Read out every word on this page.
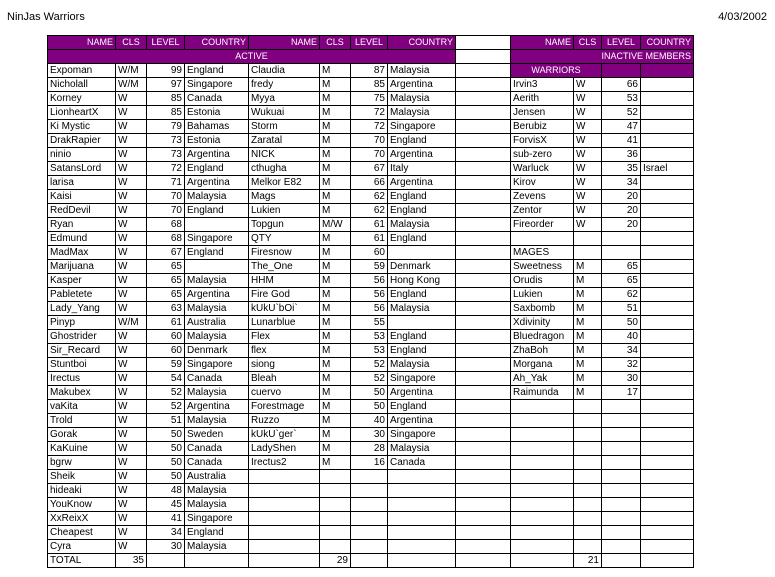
NinJas Warriors	4/03/2002
NAME	CLS	LEVEL	COUNTRY	NAME	CLS	LEVEL	COUNTRY		NAME	CLS	LEVEL	COUNTRY
ACTIVE									INACTIVE MEMBERS			
Expoman	W/M	99	England	Claudia	M	87	Malaysia		WARRIORS			
Nicholall	W/M	97	Singapore	fredy	M	85	Argentina		Irvin3	W	66	
Korney	W	85	Canada	Myya	M	75	Malaysia		Aerith	W	53	
LionheartX	W	85	Estonia	Wukuai	M	72	Malaysia		Jensen	W	52	
Ki Mystic	W	79	Bahamas	Storm	M	72	Singapore		Berubiz	W	47	
DrakRapier	W	73	Estonia	Zaratal	M	70	England		ForvisX	W	41	
ninio	W	73	Argentina	NICK	M	70	Argentina		sub-zero	W	36	
SatansLord	W	72	England	cthugha	M	67	Italy		Warluck	W	35	Israel
larisa	W	71	Argentina	Melkor E82	M	66	Argentina		Kirov	W	34	
Kaisi	W	70	Malaysia	Mags	M	62	England		Zevens	W	20	
RedDevil	W	70	England	Lukien	M	62	England		Zentor	W	20	
Ryan	W	68		Topgun	M/W	61	Malaysia		Fireorder	W	20	
Edmund	W	68	Singapore	QTY	M	61	England					
MadMax	W	67	England	Firesnow	M	60			MAGES			
Marijuana	W	65		The_One	M	59	Denmark		Sweetness	M	65	
Kasper	W	65	Malaysia	HHM	M	56	Hong Kong		Orudis	M	65	
Pabletete	W	65	Argentina	Fire God	M	56	England		Lukien	M	62	
Lady_Yang	W	63	Malaysia	kUkU`bOi`	M	56	Malaysia		Saxbomb	M	51	
Pinyp	W/M	61	Australia	Lunarblue	M	55			Xdivinity	M	50	
Ghostrider	W	60	Malaysia	Flex	M	53	England		Bluedragon	M	40	
Sir_Recard	W	60	Denmark	flex	M	53	England		ZhaBoh	M	34	
Stuntboi	W	59	Singapore	siong	M	52	Malaysia		Morgana	M	32	
Irectus	W	54	Canada	Bleah	M	52	Singapore		Ah_Yak	M	30	
Makubex	W	52	Malaysia	cuervo	M	50	Argentina		Raimunda	M	17	
vaKita	W	52	Argentina	Forestmage	M	50	England					
Trold	W	51	Malaysia	Ruzzo	M	40	Argentina					
Gorak	W	50	Sweden	kUkU`ger`	M	30	Singapore					
KaKuine	W	50	Canada	LadyShen	M	28	Malaysia					
bgrw	W	50	Canada	Irectus2	M	16	Canada					
Sheik	W	50	Australia									
hideaki	W	48	Malaysia									
YouKnow	W	45	Malaysia									
XxReixX	W	41	Singapore									
Cheapest	W	34	England									
Cyra	W	30	Malaysia									
TOTAL	35				29					21		
